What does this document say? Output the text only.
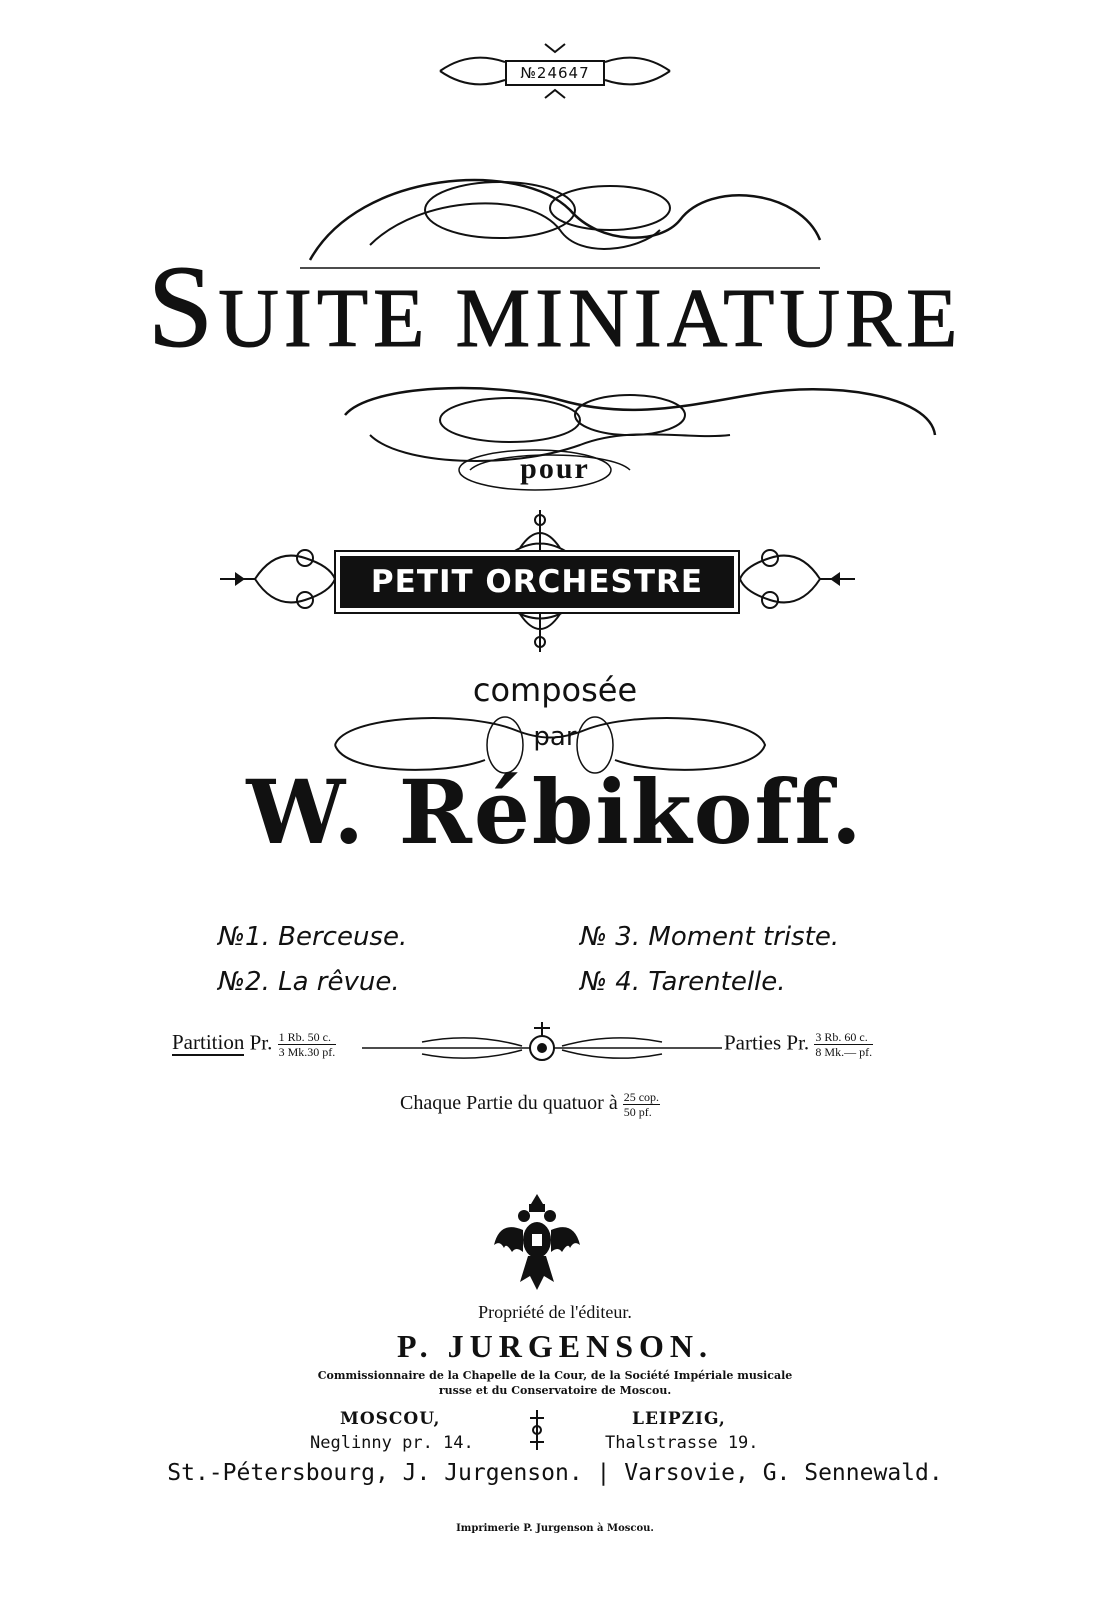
№24647
SUITE MINIATURE
pour
PETIT ORCHESTRE
composée
par
W. Rébikoff.
№1. Berceuse.
№2. La rêvue.
№ 3. Moment triste.
№ 4. Tarentelle.
Partition Pr. $\frac{1 Rb. 50 c.}{3 Mk.30 pf.}$	Parties Pr. $\frac{3 Rb. 60 c.}{8 Mk.— pf.}$
Chaque Partie du quatuor à $\frac{\text{25 cop.}}{50 pf.}$
Propriété de l'éditeur.
P. JURGENSON.
Commissionnaire de la Chapelle de la Cour, de la Société Impériale musicale
russe et du Conservatoire de Moscou.
MOSCOU,
Neglinny pr. 14.
LEIPZIG,
Thalstrasse 19.
St.-Pétersbourg, J. Jurgenson. | Varsovie, G. Sennewald.
Imprimerie P. Jurgenson à Moscou.
